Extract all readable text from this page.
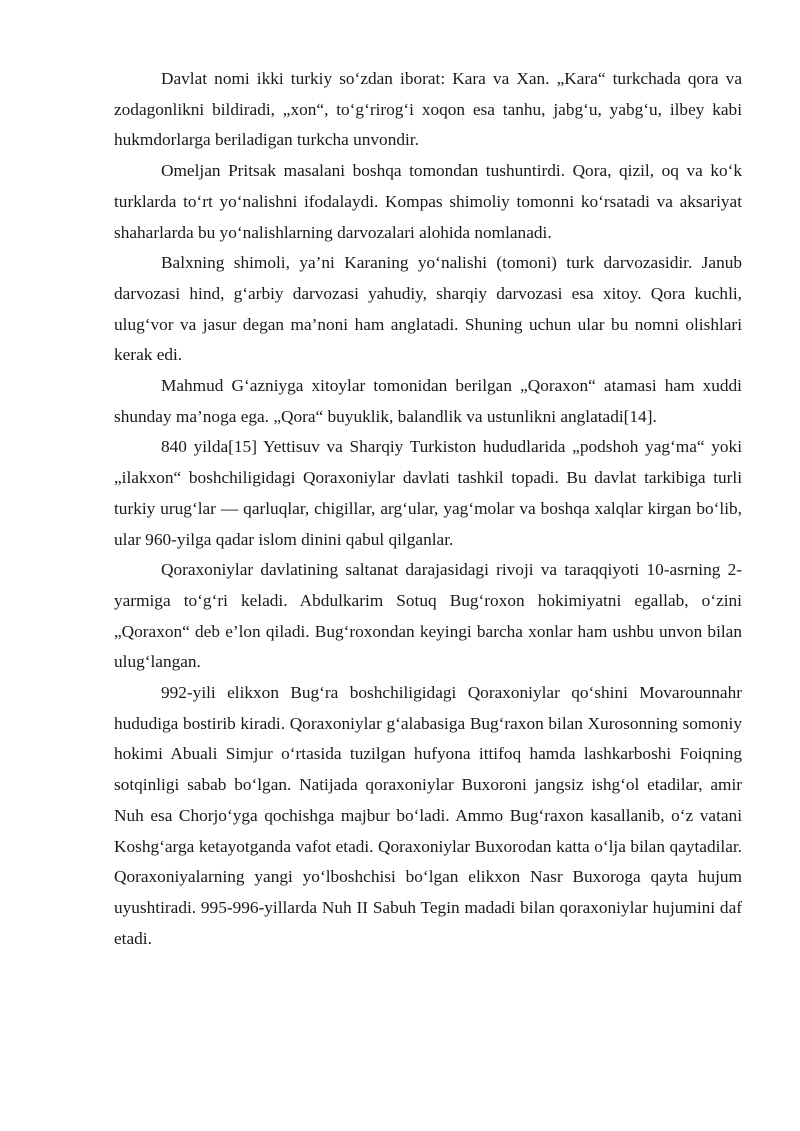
Davlat nomi ikki turkiy so‘zdan iborat: Kara va Xan. „Kara“ turkchada qora va zodagonlikni bildiradi, „xon“, to‘g‘rirog‘i xoqon esa tanhu, jabg‘u, yabg‘u, ilbey kabi hukmdorlarga beriladigan turkcha unvondir.

Omeljan Pritsak masalani boshqa tomondan tushuntirdi. Qora, qizil, oq va ko‘k turklarda to‘rt yo‘nalishni ifodalaydi. Kompas shimoliy tomonni ko‘rsatadi va aksariyat shaharlarda bu yo‘nalishlarning darvozalari alohida nomlanadi.

Balxning shimoli, ya’ni Karaning yo‘nalishi (tomoni) turk darvozasidir. Janub darvozasi hind, g‘arbiy darvozasi yahudiy, sharqiy darvozasi esa xitoy. Qora kuchli, ulug‘vor va jasur degan ma’noni ham anglatadi. Shuning uchun ular bu nomni olishlari kerak edi.

Mahmud G‘azniyga xitoylar tomonidan berilgan „Qoraxon“ atamasi ham xuddi shunday ma’noga ega. „Qora“ buyuklik, balandlik va ustunlikni anglatadi[14].

840 yilda[15] Yettisuv va Sharqiy Turkiston hududlarida „podshoh yag‘ma“ yoki „ilakxon“ boshchiligidagi Qoraxoniylar davlati tashkil topadi. Bu davlat tarkibiga turli turkiy urug‘lar — qarluqlar, chigillar, arg‘ular, yag‘molar va boshqa xalqlar kirgan bo‘lib, ular 960-yilga qadar islom dinini qabul qilganlar.

Qoraxoniylar davlatining saltanat darajasidagi rivoji va taraqqiyoti 10-asrning 2-yarmiga to‘g‘ri keladi. Abdulkarim Sotuq Bug‘roxon hokimiyatni egallab, o‘zini „Qoraxon“ deb e’lon qiladi. Bug‘roxondan keyingi barcha xonlar ham ushbu unvon bilan ulug‘langan.

992-yili elikxon Bug‘ra boshchiligidagi Qoraxoniylar qo‘shini Movarounnahr hududiga bostirib kiradi. Qoraxoniylar g‘alabasiga Bug‘raxon bilan Xurosonning somoniy hokimi Abuali Simjur o‘rtasida tuzilgan hufyona ittifoq hamda lashkarboshi Foiqning sotqinligi sabab bo‘lgan. Natijada qoraxoniylar Buxoroni jangsiz ishg‘ol etadilar, amir Nuh esa Chorjo‘yga qochishga majbur bo‘ladi. Ammo Bug‘raxon kasallanib, o‘z vatani Koshg‘arga ketayotganda vafot etadi. Qoraxoniylar Buxorodan katta o‘lja bilan qaytadilar. Qoraxoniyalarning yangi yo‘lboshchisi bo‘lgan elikxon Nasr Buxoroga qayta hujum uyushtiradi. 995-996-yillarda Nuh II Sabuh Tegin madadi bilan qoraxoniylar hujumini daf etadi.
